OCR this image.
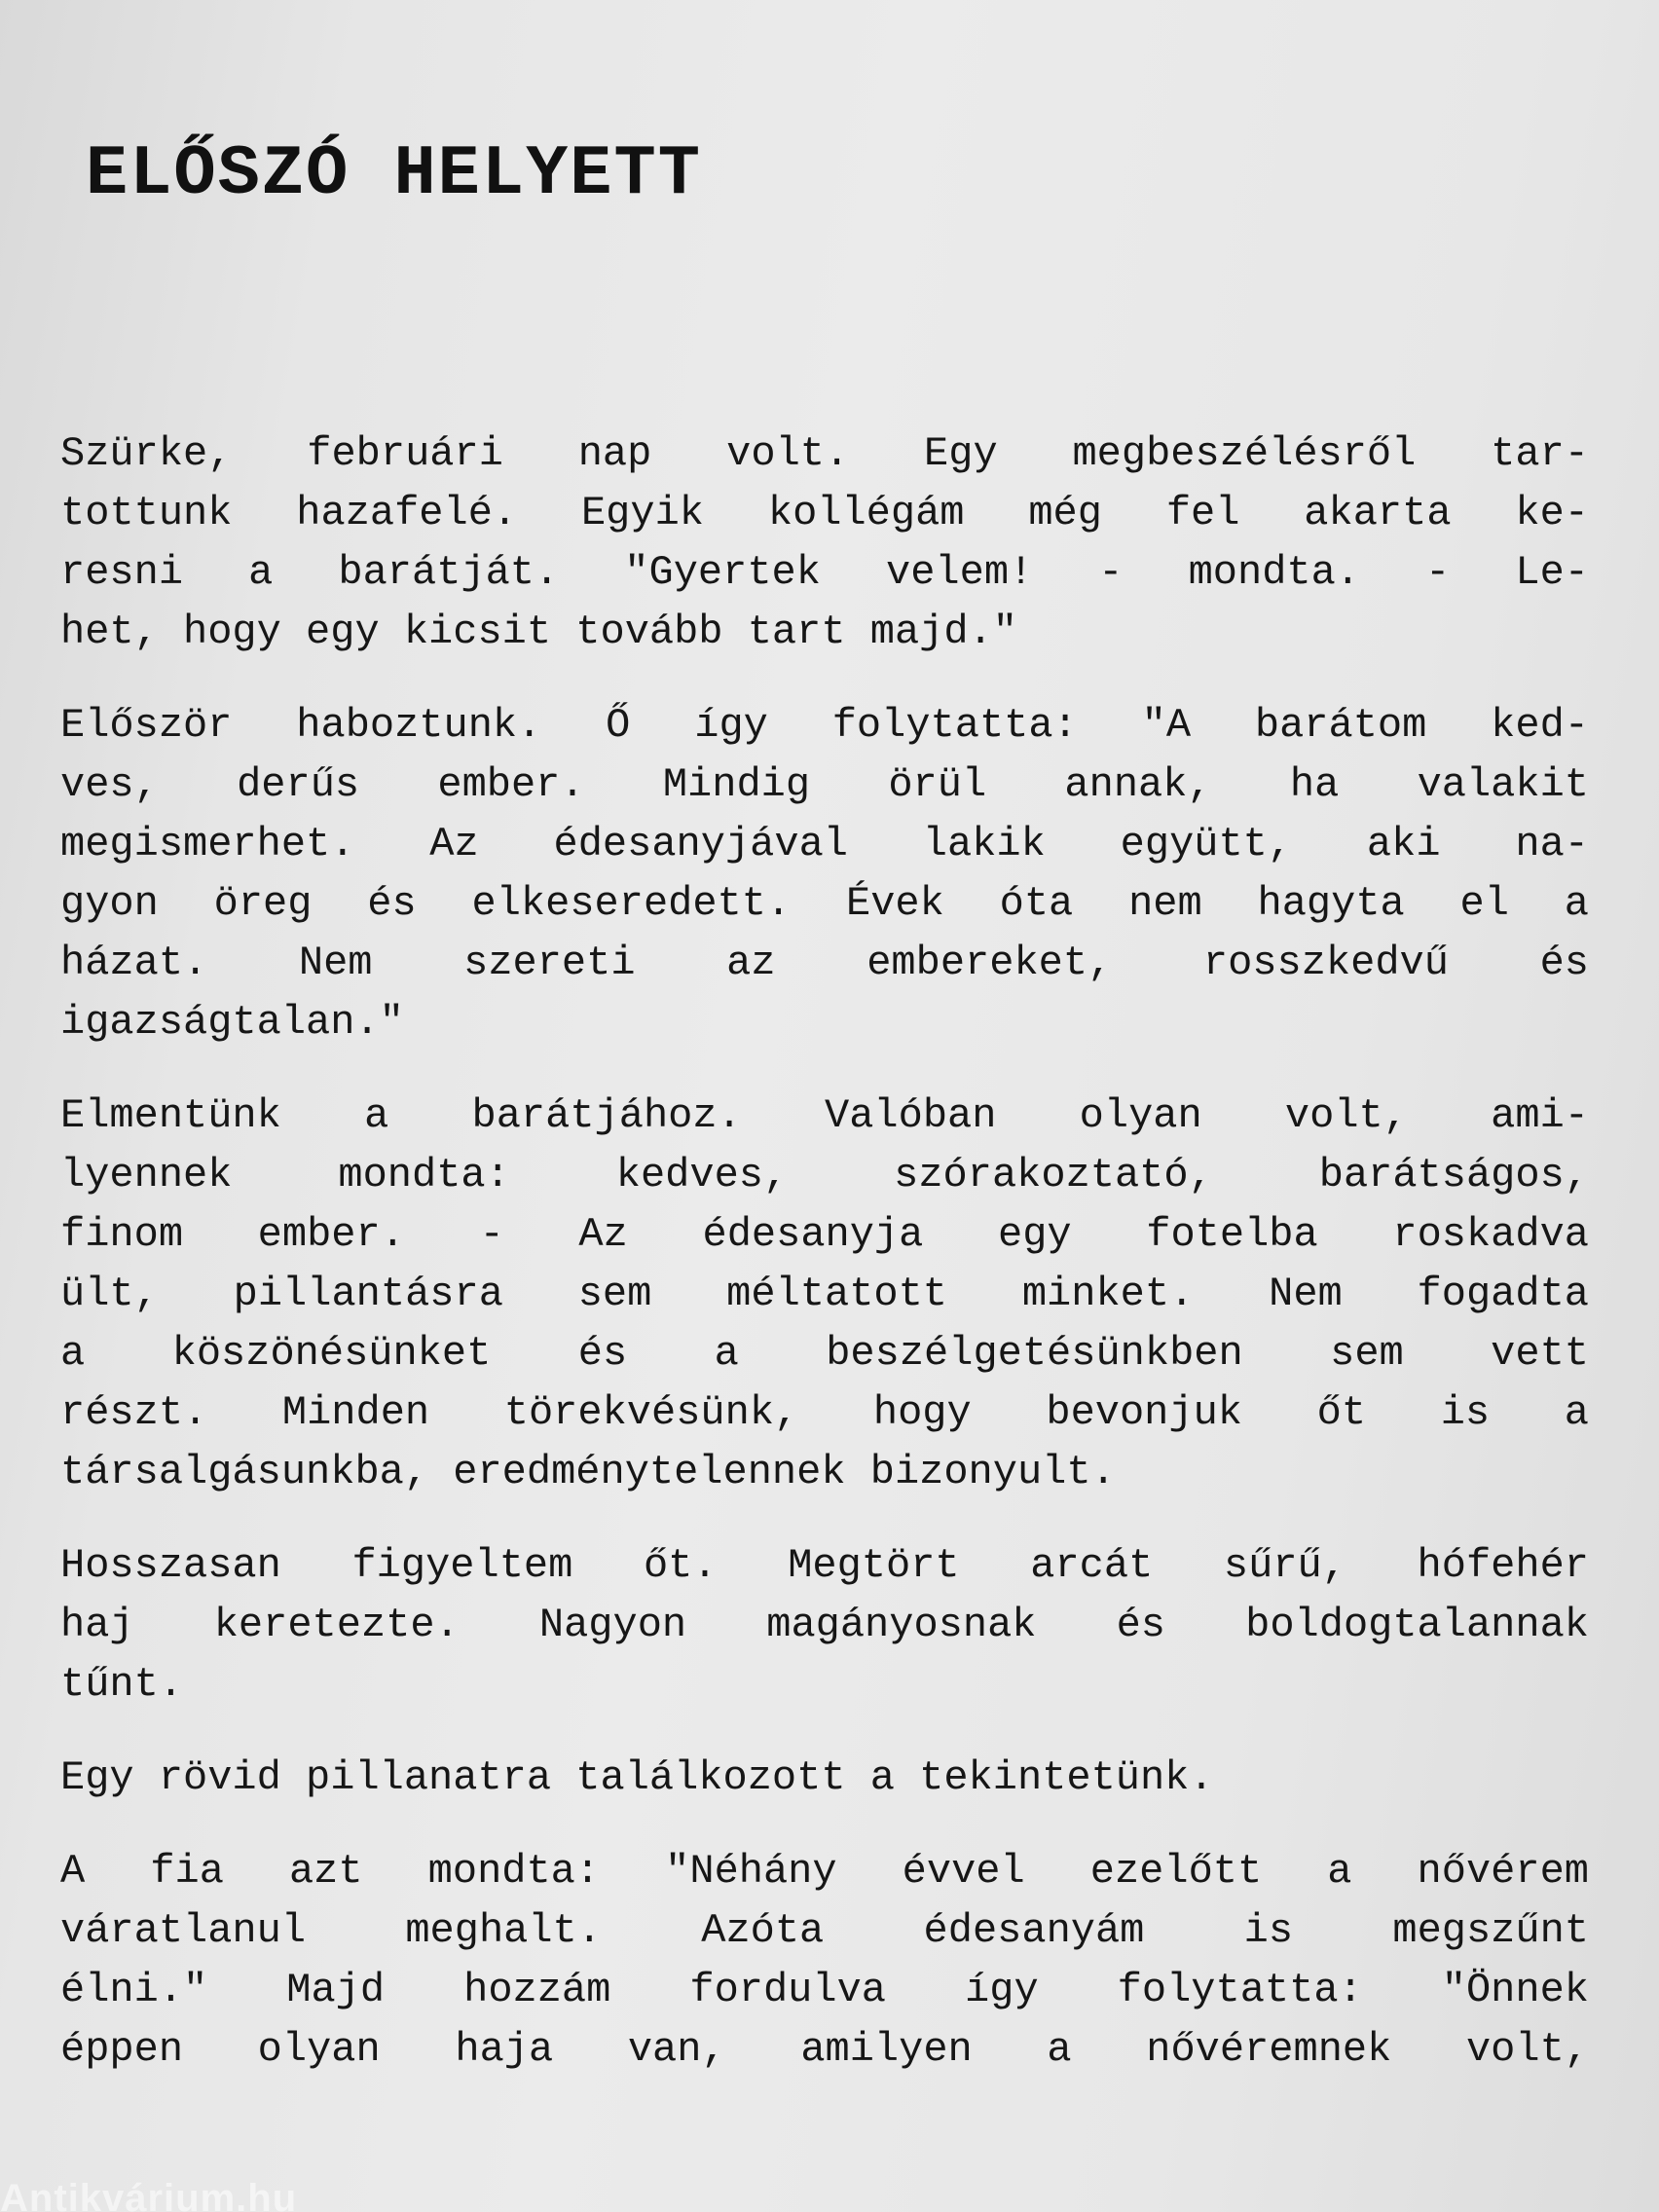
ELŐSZÓ HELYETT
Szürke, februári nap volt. Egy megbeszélésről tar-
tottunk hazafelé. Egyik kollégám még fel akarta ke-
resni a barátját. "Gyertek velem! - mondta. - Le-
het, hogy egy kicsit tovább tart majd."
Először haboztunk. Ő így folytatta: "A barátom ked-
ves, derűs ember. Mindig örül annak, ha valakit
megismerhet. Az édesanyjával lakik együtt, aki na-
gyon öreg és elkeseredett. Évek óta nem hagyta el a
házat. Nem szereti az embereket, rosszkedvű és
igazságtalan."
Elmentünk a barátjához. Valóban olyan volt, ami-
lyennek mondta: kedves, szórakoztató, barátságos,
finom ember. - Az édesanyja egy fotelba roskadva
ült, pillantásra sem méltatott minket. Nem fogadta
a köszönésünket és a beszélgetésünkben sem vett
részt. Minden törekvésünk, hogy bevonjuk őt is a
társalgásunkba, eredménytelennek bizonyult.
Hosszasan figyeltem őt. Megtört arcát sűrű, hófehér
haj keretezte. Nagyon magányosnak és boldogtalannak
tűnt.
Egy rövid pillanatra találkozott a tekintetünk.
A fia azt mondta: "Néhány évvel ezelőtt a nővérem
váratlanul meghalt. Azóta édesanyám is megszűnt
élni." Majd hozzám fordulva így folytatta: "Önnek
éppen olyan haja van, amilyen a nővéremnek volt,
Antikvárium.hu
